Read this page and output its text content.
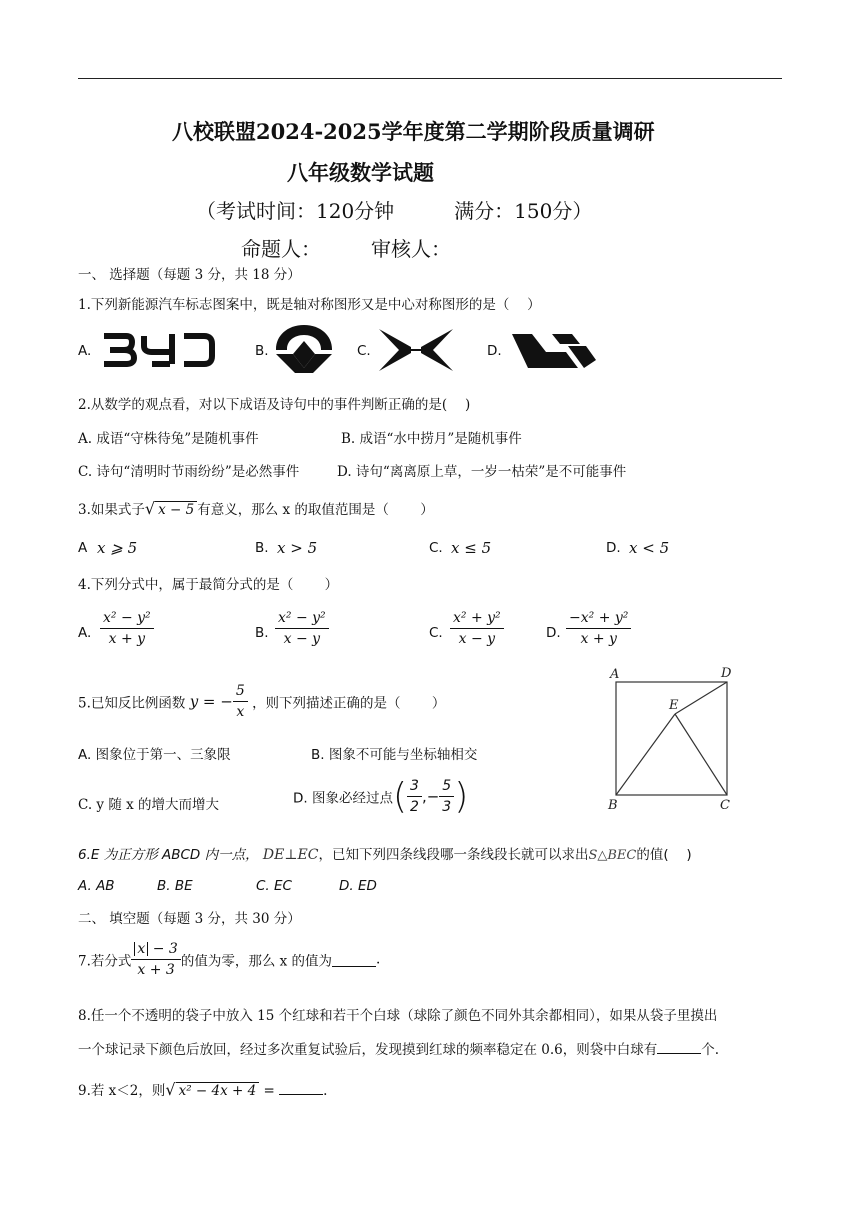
八校联盟2024-2025学年度第二学期阶段质量调研
八年级数学试题
（考试时间：120分钟　　　满分：150分）
命题人：　　　审核人：
一、 选择题（每题 3 分，共 18 分）
1.下列新能源汽车标志图案中，既是轴对称图形又是中心对称图形的是（　 ）
A.	B.	C.	D.
2.从数学的观点看，对以下成语及诗句中的事件判断正确的是(　 )
A. 成语“守株待兔”是随机事件	B. 成语“水中捞月”是随机事件
C. 诗句“清明时节雨纷纷”是必然事件	D. 诗句“离离原上草，一岁一枯荣”是不可能事件
3.如果式子√ x − 5 有意义，那么 x 的取值范围是（　　 ）
A x ⩾ 5	B. x > 5	C. x ≤ 5	D. x < 5
4.下列分式中，属于最简分式的是（　　 ）
A. $\frac{\text{x² − y²}}{x + y}$	B. $\frac{\text{x² − y²}}{x - y}$	C. $\frac{\text{x² + y²}}{x - y}$	D. $\frac{\text{−x² + y²}}{x + y}$
5.已知反比例函数 y = − $\frac{5}{x}$ ，则下列描述正确的是（　　 ）
A. 图象位于第一、三象限	B. 图象不可能与坐标轴相交
C. y 随 x 的增大而增大	D. 图象必经过点( $\frac{3}{2}$ ,− $\frac{5}{3}$ )
A	D
E
B	C
6.E 为正方形 ABCD 内一点， DE⊥EC，已知下列四条线段哪一条线段长就可以求出S△BEC的值(　 )
A. AB	B. BE	C. EC	D. ED
二、 填空题（每题 3 分，共 30 分）
7.若分式 $\frac{x - 3}{x + 3}$ 的值为零，那么 x 的值为	.
8.任一个不透明的袋子中放入 15 个红球和若干个白球（球除了颜色不同外其余都相同），如果从袋子里摸出
一个球记录下颜色后放回，经过多次重复试验后，发现摸到红球的频率稳定在 0.6，则袋中白球有	个.
9.若 x＜2，则√ x² − 4x + 4 =	.
